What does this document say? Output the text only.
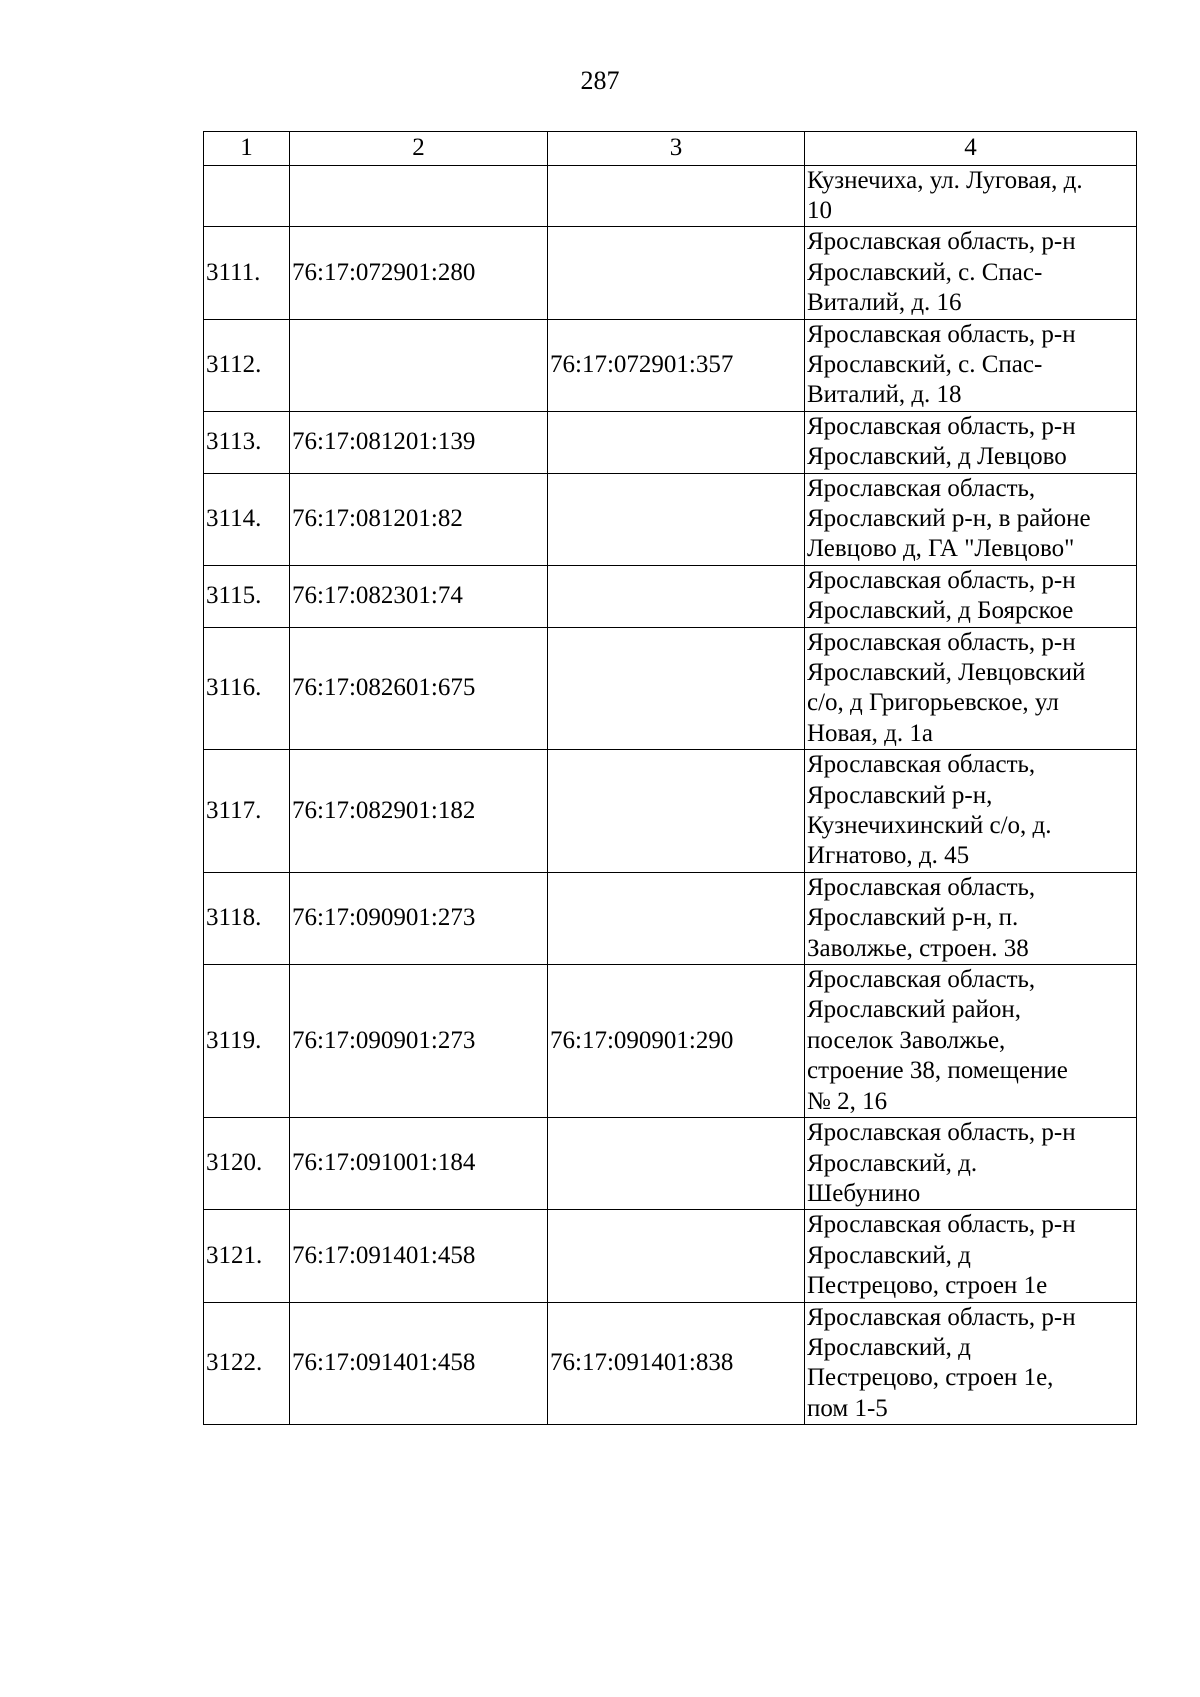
287
1	2	3	4

			Кузнечиха, ул. Луговая, д.
10

3111.	76:17:072901:280		Ярославская область, р-н
Ярославский, с. Спас-
Виталий, д. 16

3112.		76:17:072901:357	Ярославская область, р-н
Ярославский, с. Спас-
Виталий, д. 18

3113.	76:17:081201:139		Ярославская область, р-н
Ярославский, д Левцово

3114.	76:17:081201:82		Ярославская область,
Ярославский р-н, в районе
Левцово д, ГА "Левцово"

3115.	76:17:082301:74		Ярославская область, р-н
Ярославский, д Боярское

3116.	76:17:082601:675		Ярославская область, р-н
Ярославский, Левцовский
с/о, д Григорьевское, ул
Новая, д. 1а

3117.	76:17:082901:182		Ярославская область,
Ярославский р-н,
Кузнечихинский с/о, д.
Игнатово, д. 45

3118.	76:17:090901:273		Ярославская область,
Ярославский р-н, п.
Заволжье, строен. 38

3119.	76:17:090901:273	76:17:090901:290	Ярославская область,
Ярославский район,
поселок Заволжье,
строение 38, помещение
№ 2, 16

3120.	76:17:091001:184		Ярославская область, р-н
Ярославский, д.
Шебунино

3121.	76:17:091401:458		Ярославская область, р-н
Ярославский, д
Пестрецово, строен 1е

3122.	76:17:091401:458	76:17:091401:838	Ярославская область, р-н
Ярославский, д
Пестрецово, строен 1е,
пом 1-5
